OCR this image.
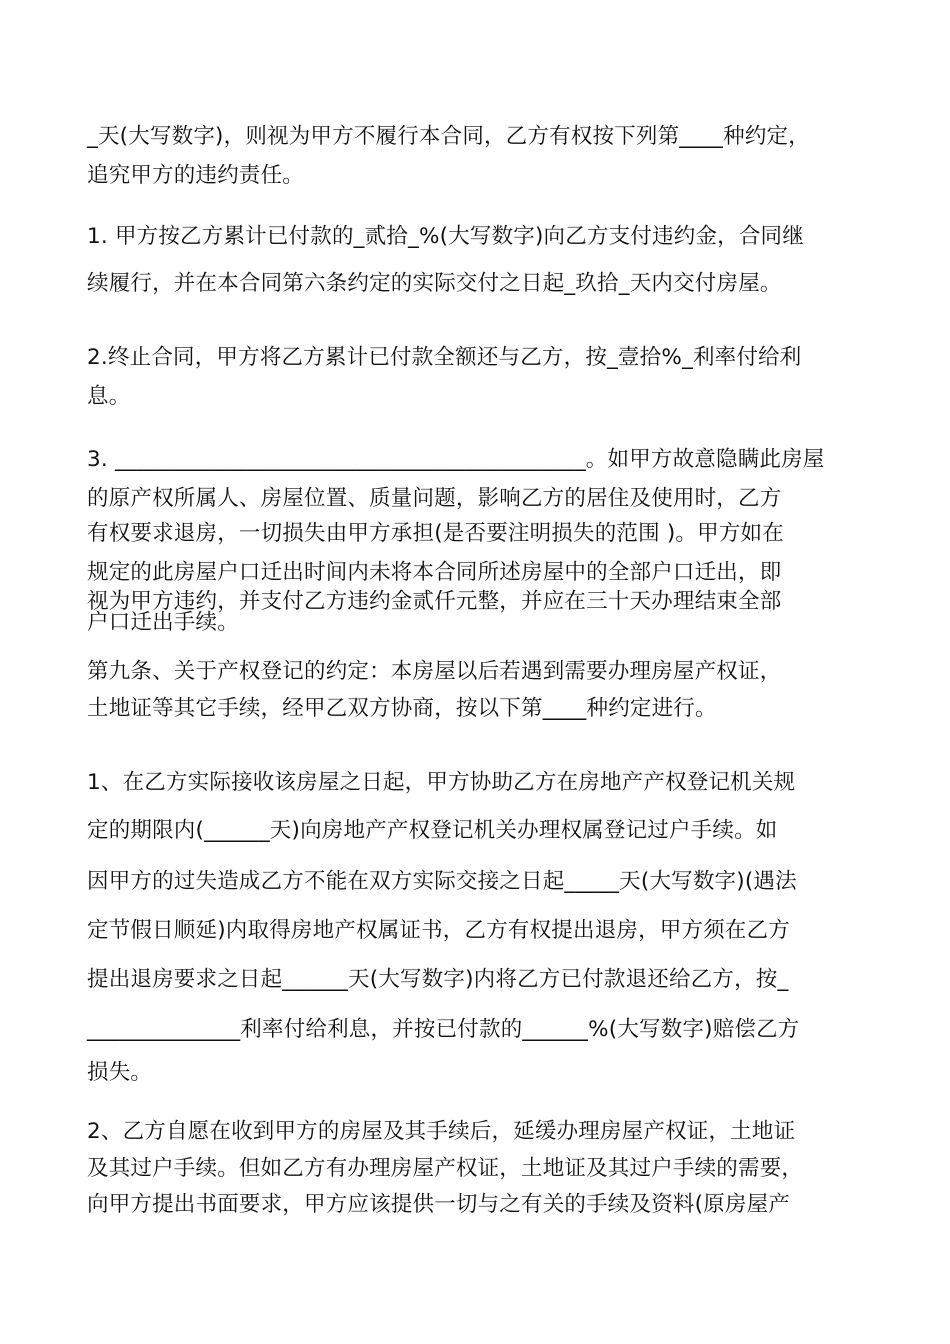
_天(大写数字)，则视为甲方不履行本合同，乙方有权按下列第____种约定，

追究甲方的违约责任。

1. 甲方按乙方累计已付款的_贰拾_%(大写数字)向乙方支付违约金，合同继

续履行，并在本合同第六条约定的实际交付之日起_玖拾_天内交付房屋。

2.终止合同，甲方将乙方累计已付款全额还与乙方，按_壹拾%_利率付给利

息。

3. ___________________________________________。如甲方故意隐瞒此房屋

的原产权所属人、房屋位置、质量问题，影响乙方的居住及使用时，乙方

有权要求退房，一切损失由甲方承担(是否要注明损失的范围 )。甲方如在

规定的此房屋户口迁出时间内未将本合同所述房屋中的全部户口迁出，即

视为甲方违约，并支付乙方违约金贰仟元整，并应在三十天办理结束全部

户口迁出手续。

第九条、关于产权登记的约定：本房屋以后若遇到需要办理房屋产权证，

土地证等其它手续，经甲乙双方协商，按以下第____种约定进行。

1、在乙方实际接收该房屋之日起，甲方协助乙方在房地产产权登记机关规

定的期限内(______天)向房地产产权登记机关办理权属登记过户手续。如

因甲方的过失造成乙方不能在双方实际交接之日起_____天(大写数字)(遇法

定节假日顺延)内取得房地产权属证书，乙方有权提出退房，甲方须在乙方

提出退房要求之日起______天(大写数字)内将乙方已付款退还给乙方，按_

______________利率付给利息，并按已付款的______%(大写数字)赔偿乙方

损失。

2、乙方自愿在收到甲方的房屋及其手续后，延缓办理房屋产权证，土地证

及其过户手续。但如乙方有办理房屋产权证，土地证及其过户手续的需要，

向甲方提出书面要求，甲方应该提供一切与之有关的手续及资料(原房屋产
